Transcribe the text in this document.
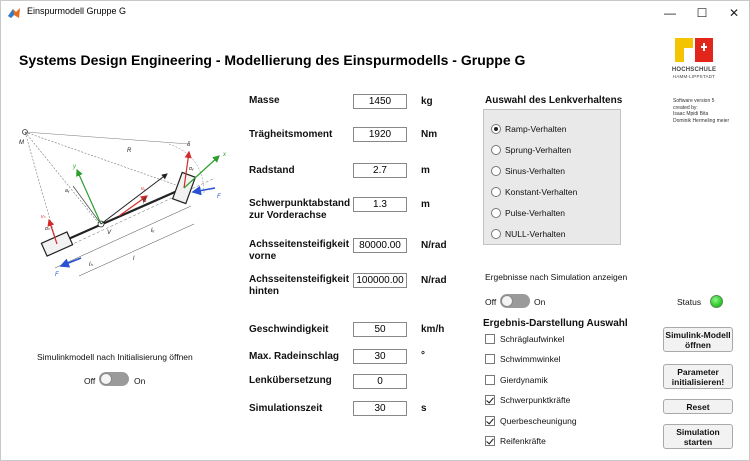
Einspurmodell Gruppe G	—	☐	✕
Systems Design Engineering - Modellierung des Einspurmodells - Gruppe G
HOCHSCHULE
HAMM-LIPPSTADT
Software version 5
created by:
Isaac Mpidi Bita
Dominik Hermeling meier
M
R
V
β
l
lᵥ
lₕ
δ
x
y
F
F
αᵥ
αₕ
vᵥ
vₕ
aᵧ
Masse
1450	kg
Trägheitsmoment
1920	Nm
Radstand
2.7	m
Schwerpunktabstand zur Vorderachse
1.3
m
Achsseitensteifigkeit vorne
80000.00
N/rad
Achsseitensteifigkeit hinten
100000.00
N/rad
Geschwindigkeit
50	km/h
Max. Radeinschlag
30	°
Lenkübersetzung
0
Simulationszeit
30	s
Auswahl des Lenkverhaltens
Ramp-Verhalten
Sprung-Verhalten
Sinus-Verhalten
Konstant-Verhalten
Pulse-Verhalten
NULL-Verhalten
Ergebnisse nach Simulation anzeigen
Off	On	Status
Ergebnis-Darstellung Auswahl
Schräglaufwinkel
Schwimmwinkel
Gierdynamik
Schwerpunktkräfte
Querbescheunigung
Reifenkräfte
Simulinkmodell nach Initialisierung öffnen
Off	On
Simulink-Modell
öffnen
Parameter
initialisieren!
Reset
Simulation
starten
